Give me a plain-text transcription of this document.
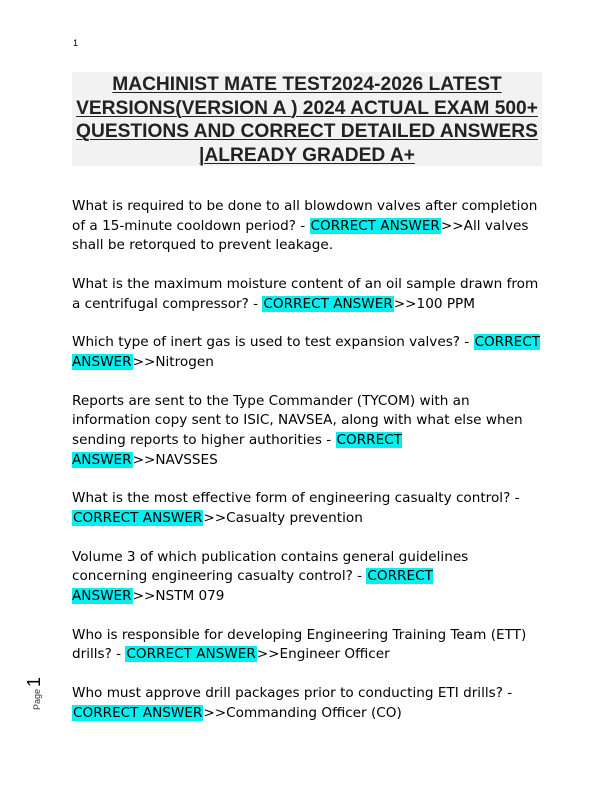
1
MACHINIST MATE TEST2024-2026 LATEST VERSIONS(VERSION A ) 2024 ACTUAL EXAM 500+ QUESTIONS AND CORRECT DETAILED ANSWERS |ALREADY GRADED A+

What is required to be done to all blowdown valves after completion of a 15-minute cooldown period? - CORRECT ANSWER>>All valves shall be retorqued to prevent leakage.

What is the maximum moisture content of an oil sample drawn from a centrifugal compressor? - CORRECT ANSWER>>100 PPM

Which type of inert gas is used to test expansion valves? - CORRECT ANSWER>>Nitrogen

Reports are sent to the Type Commander (TYCOM) with an information copy sent to ISIC, NAVSEA, along with what else when sending reports to higher authorities - CORRECT ANSWER>>NAVSSES

What is the most effective form of engineering casualty control? - CORRECT ANSWER>>Casualty prevention

Volume 3 of which publication contains general guidelines concerning engineering casualty control? - CORRECT ANSWER>>NSTM 079

Who is responsible for developing Engineering Training Team (ETT) drills? - CORRECT ANSWER>>Engineer Officer

Who must approve drill packages prior to conducting ETI drills? - CORRECT ANSWER>>Commanding Officer (CO)

Page1
